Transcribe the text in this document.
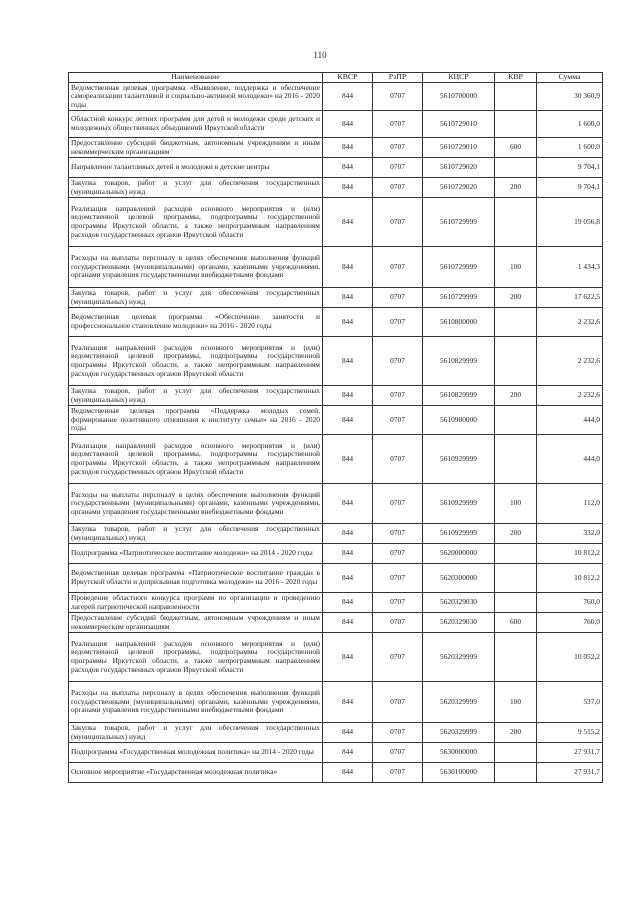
110
Наименование	КВСР	РзПР	КЦСР	КВР	Сумма
Ведомственная целевая программа «Выявление, поддержка и обеспечение самореализации талантливой и социально-активной молодежи» на 2016 - 2020 годы	844	0707	5610700000		30 360,9
Областной конкурс летних программ для детей и молодежи среди детских и молодежных общественных объединений Иркутской области	844	0707	5610729010		1 600,0
Предоставление субсидий бюджетным, автономным учреждениям и иным некоммерческим организациям	844	0707	5610729010	600	1 600,0
Направление талантливых детей и молодежи в детские центры	844	0707	5610729020		9 704,1
Закупка товаров, работ и услуг для обеспечения государственных (муниципальных) нужд	844	0707	5610729020	200	9 704,1
Реализация направлений расходов основного мероприятия и (или) ведомственной целевой программы, подпрограммы государственной программы Иркутской области, а также непрограммным направлениям расходов государственных органов Иркутской области	844	0707	5610729999		19 056,8
Расходы на выплаты персоналу в целях обеспечения выполнения функций государственными (муниципальными) органами, казенными учреждениями, органами управления государственными внебюджетными фондами	844	0707	5610729999	100	1 434,3
Закупка товаров, работ и услуг для обеспечения государственных (муниципальных) нужд	844	0707	5610729999	200	17 622,5
Ведомственная целевая программа «Обеспечение занятости и профессиональное становление молодежи» на 2016 - 2020 годы	844	0707	5610800000		2 232,6
Реализация направлений расходов основного мероприятия и (или) ведомственной целевой программы, подпрограммы государственной программы Иркутской области, а также непрограммным направлениям расходов государственных органов Иркутской области	844	0707	5610829999		2 232,6
Закупка товаров, работ и услуг для обеспечения государственных (муниципальных) нужд	844	0707	5610829999	200	2 232,6
Ведомственная целевая программа «Поддержка молодых семей, формирование позитивного отношения к институту семьи» на 2016 - 2020 годы	844	0707	5610900000		444,0
Реализация направлений расходов основного мероприятия и (или) ведомственной целевой программы, подпрограммы государственной программы Иркутской области, а также непрограммным направлениям расходов государственных органов Иркутской области	844	0707	5610929999		444,0
Расходы на выплаты персоналу в целях обеспечения выполнения функций государственными (муниципальными) органами, казенными учреждениями, органами управления государственными внебюджетными фондами	844	0707	5610929999	100	112,0
Закупка товаров, работ и услуг для обеспечения государственных (муниципальных) нужд	844	0707	5610929999	200	332,0
Подпрограмма «Патриотическое воспитание молодежи» на 2014 - 2020 годы	844	0707	5620000000		10 812,2
Ведомственная целевая программа «Патриотическое воспитание граждан в Иркутской области и допризывная подготовка молодежи» на 2016 - 2020 годы	844	0707	5620300000		10 812,2
Проведение областного конкурса программ по организации и проведению лагерей патриотической направленности	844	0707	5620329030		760,0
Предоставление субсидий бюджетным, автономным учреждениям и иным некоммерческим организациям	844	0707	5620329030	600	760,0
Реализация направлений расходов основного мероприятия и (или) ведомственной целевой программы, подпрограммы государственной программы Иркутской области, а также непрограммным направлениям расходов государственных органов Иркутской области	844	0707	5620329999		10 052,2
Расходы на выплаты персоналу в целях обеспечения выполнения функций государственными (муниципальными) органами, казенными учреждениями, органами управления государственными внебюджетными фондами	844	0707	5620329999	100	537,0
Закупка товаров, работ и услуг для обеспечения государственных (муниципальных) нужд	844	0707	5620329999	200	9 515,2
Подпрограмма «Государственная молодежная политика» на 2014 - 2020 годы	844	0707	5630000000		27 931,7
Основное мероприятие «Государственная молодежная политика»	844	0707	5630100000		27 931,7
